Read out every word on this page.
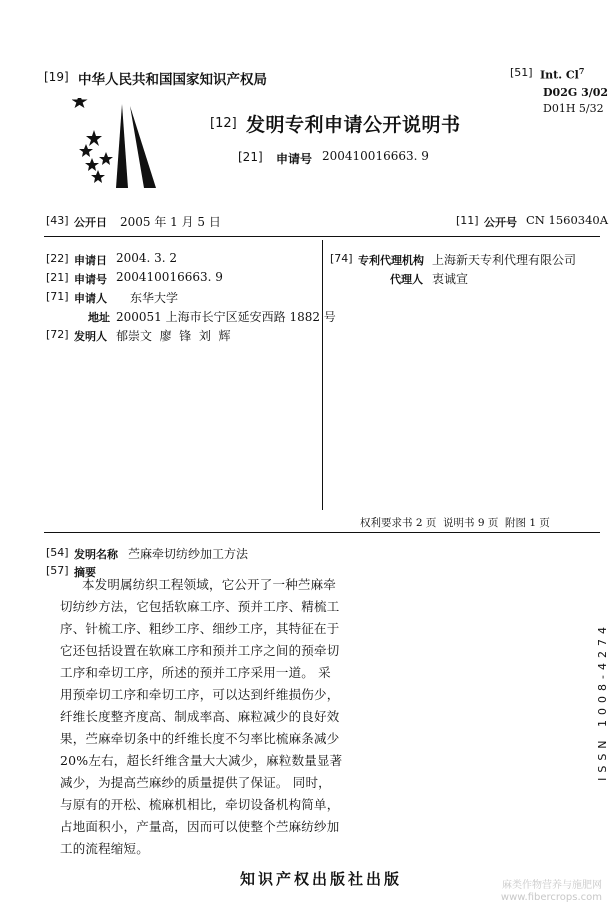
[19] 中华人民共和国国家知识产权局	[51] Int. Cl$^7$
D02G 3/02
D01H 5/32
[12] 发明专利申请公开说明书
[21] 申请号 200410016663. 9
[43] 公开日 2005 年 1 月 5 日	[11] 公开号 CN 1560340A
[22] 申请日 2004. 3. 2
[21] 申请号 200410016663. 9
[71] 申请人 东华大学
地址 200051 上海市长宁区延安西路 1882 号
[72] 发明人 郁崇文  廖  锋  刘  辉
[74] 专利代理机构 上海新天专利代理有限公司
代理人 衷诚宣
权利要求书 2 页  说明书 9 页  附图 1 页
[54] 发明名称 苎麻牵切纺纱加工方法
[57] 摘要
本发明属纺织工程领域，它公开了一种苎麻牵
切纺纱方法，它包括软麻工序、预并工序、精梳工
序、针梳工序、粗纱工序、细纱工序，其特征在于
它还包括设置在软麻工序和预并工序之间的预牵切
工序和牵切工序，所述的预并工序采用一道。 采
用预牵切工序和牵切工序，可以达到纤维损伤少，
纤维长度整齐度高、制成率高、麻粒减少的良好效
果，苎麻牵切条中的纤维长度不匀率比梳麻条减少
20%左右，超长纤维含量大大减少，麻粒数量显著
减少，为提高苎麻纱的质量提供了保证。 同时，
与原有的开松、梳麻机相比，牵切设备机构简单，
占地面积小，产量高，因而可以使整个苎麻纺纱加
工的流程缩短。
ISSN 1008-4274
知识产权出版社出版	麻类作物营养与施肥网 www.fibercrops.com
